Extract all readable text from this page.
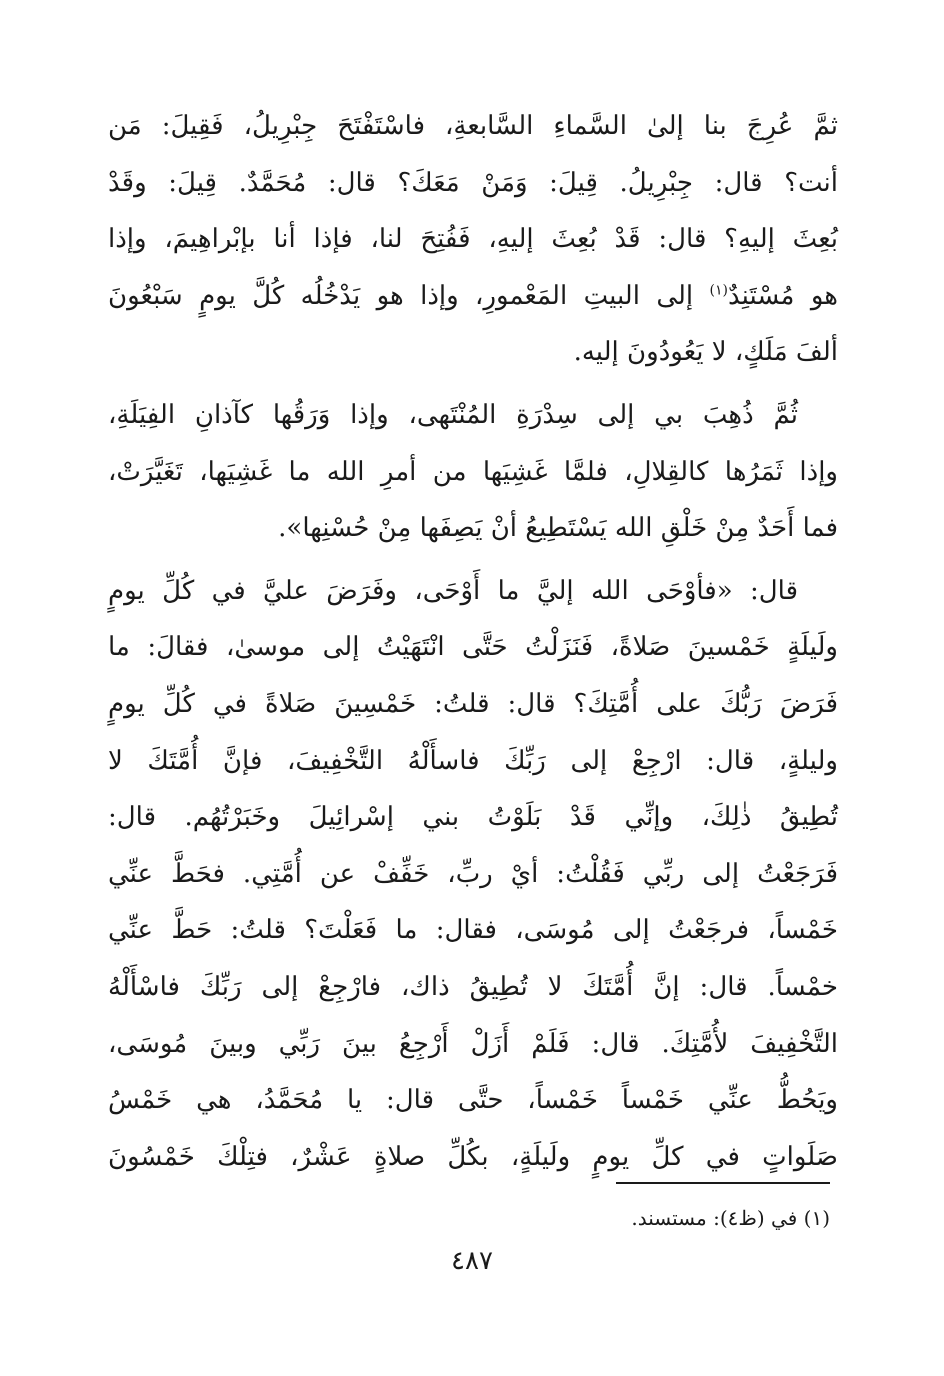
ثمَّ عُرِجَ بنا إلىٰ السَّماءِ السَّابعةِ، فاسْتَفْتَحَ جِبْرِيلُ، فَقِيلَ: مَن
أنت؟ قال: جِبْرِيلُ. قِيلَ: وَمَنْ مَعَكَ؟ قال: مُحَمَّدٌ. قِيلَ: وقَدْ
بُعِثَ إليهِ؟ قال: قَدْ بُعِثَ إليهِ، فَفُتِحَ لنا، فإذا أنا بإبْراهِيمَ، وإذا
هو مُسْتَنِدٌ$^{(١)}$ إلى البيتِ المَعْمورِ، وإذا هو يَدْخُلُه كُلَّ يومٍ سَبْعُونَ
ألفَ مَلَكٍ، لا يَعُودُونَ إليه.
ثُمَّ ذُهِبَ بي إلى سِدْرَةِ المُنْتَهى، وإذا وَرَقُها كآذانِ الفِيَلَةِ،
وإذا ثَمَرُها كالقِلالِ، فلمَّا غَشِيَها من أمرِ الله ما غَشِيَها، تَغَيَّرَتْ،
فما أَحَدٌ مِنْ خَلْقِ الله يَسْتَطِيعُ أنْ يَصِفَها مِنْ حُسْنِها».
قال: «فأوْحَى الله إليَّ ما أَوْحَى، وفَرَضَ عليَّ في كُلِّ يومٍ
ولَيلَةٍ خَمْسينَ صَلاةً، فَنَزَلْتُ حَتَّى انْتَهَيْتُ إلى موسىٰ، فقالَ: ما
فَرَضَ رَبُّكَ على أُمَّتِكَ؟ قال: قلتُ: خَمْسِينَ صَلاةً في كُلِّ يومٍ
وليلةٍ، قال: ارْجِعْ إلى رَبِّكَ فاسأَلْهُ التَّخْفِيفَ، فإنَّ أُمَّتَكَ لا
تُطِيقُ ذٰلِكَ، وإنِّي قَدْ بَلَوْتُ بني إسْرائِيلَ وخَبَرْتُهُم. قال:
فَرَجَعْتُ إلى ربِّي فَقُلْتُ: أيْ ربِّ، خَفِّفْ عن أُمَّتِي. فحَطَّ عنِّي
خَمْساً، فرجَعْتُ إلى مُوسَى، فقال: ما فَعَلْتَ؟ قلتُ: حَطَّ عنِّي
خمْساً. قال: إنَّ أُمَّتَكَ لا تُطِيقُ ذاك، فارْجِعْ إلى رَبِّكَ فاسْأَلْهُ
التَّخْفِيفَ لأُمَّتِكَ. قال: فَلَمْ أَزَلْ أَرْجِعُ بينَ رَبِّي وبينَ مُوسَى،
ويَحُطُّ عنِّي خَمْساً خَمْساً، حتَّى قال: يا مُحَمَّدُ، هي خَمْسُ
صَلَواتٍ في كلِّ يومٍ ولَيلَةٍ، بكُلِّ صلاةٍ عَشْرٌ، فتِلْكَ خَمْسُونَ
(١) في (ظ٤): مستسند.
٤٨٧
